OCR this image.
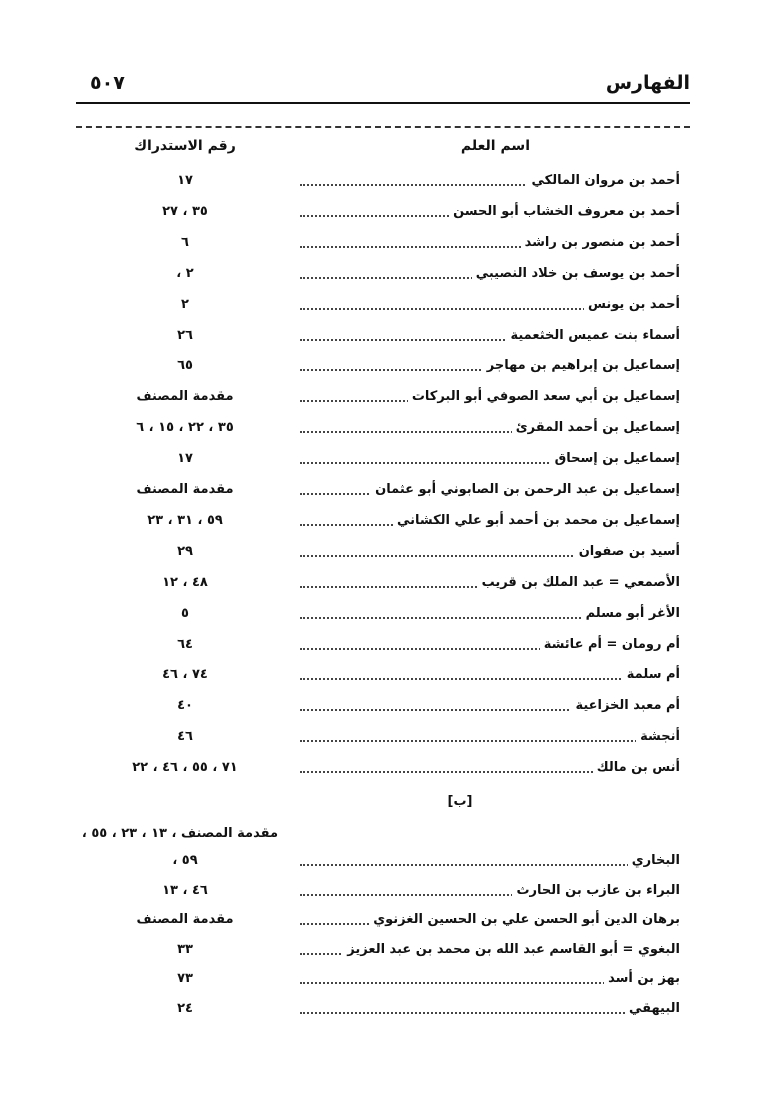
الفهارس
٥٠٧
اسم العلم
رقم الاستدراك
أحمد بن مروان المالكي
١٧
أحمد بن معروف الخشاب أبو الحسن
٣٥ ، ٢٧
أحمد بن منصور بن راشد
٦
أحمد بن يوسف بن خلاد النصيبي
٢ ،
أحمد بن يونس
٢
أسماء بنت عميس الخثعمية
٢٦
إسماعيل بن إبراهيم بن مهاجر
٦٥
إسماعيل بن أبي سعد الصوفي أبو البركات
مقدمة المصنف
إسماعيل بن أحمد المقرئ
٣٥ ، ٢٢ ، ١٥ ، ٦
إسماعيل بن إسحاق
١٧
إسماعيل بن عبد الرحمن بن الصابوني أبو عثمان
مقدمة المصنف
إسماعيل بن محمد بن أحمد أبو علي الكشاني
٥٩ ، ٣١ ، ٢٣
أسيد بن صفوان
٢٩
الأصمعي = عبد الملك بن قريب
٤٨ ، ١٢
الأغر أبو مسلم
٥
أم رومان = أم عائشة
٦٤
أم سلمة
٧٤ ، ٤٦
أم معبد الخزاعية
٤٠
أنجشة
٤٦
أنس بن مالك
٧١ ، ٥٥ ، ٤٦ ، ٢٢
البخاري
٥٩ ،
البراء بن عازب بن الحارث
٤٦ ، ١٣
برهان الدين أبو الحسن علي بن الحسين الغزنوي
مقدمة المصنف
البغوي = أبو القاسم عبد الله بن محمد بن عبد العزيز
٣٣
بهز بن أسد
٧٣
البيهقي
٢٤
[ب]
مقدمة المصنف ، ١٣ ، ٢٣ ، ٥٥ ،
